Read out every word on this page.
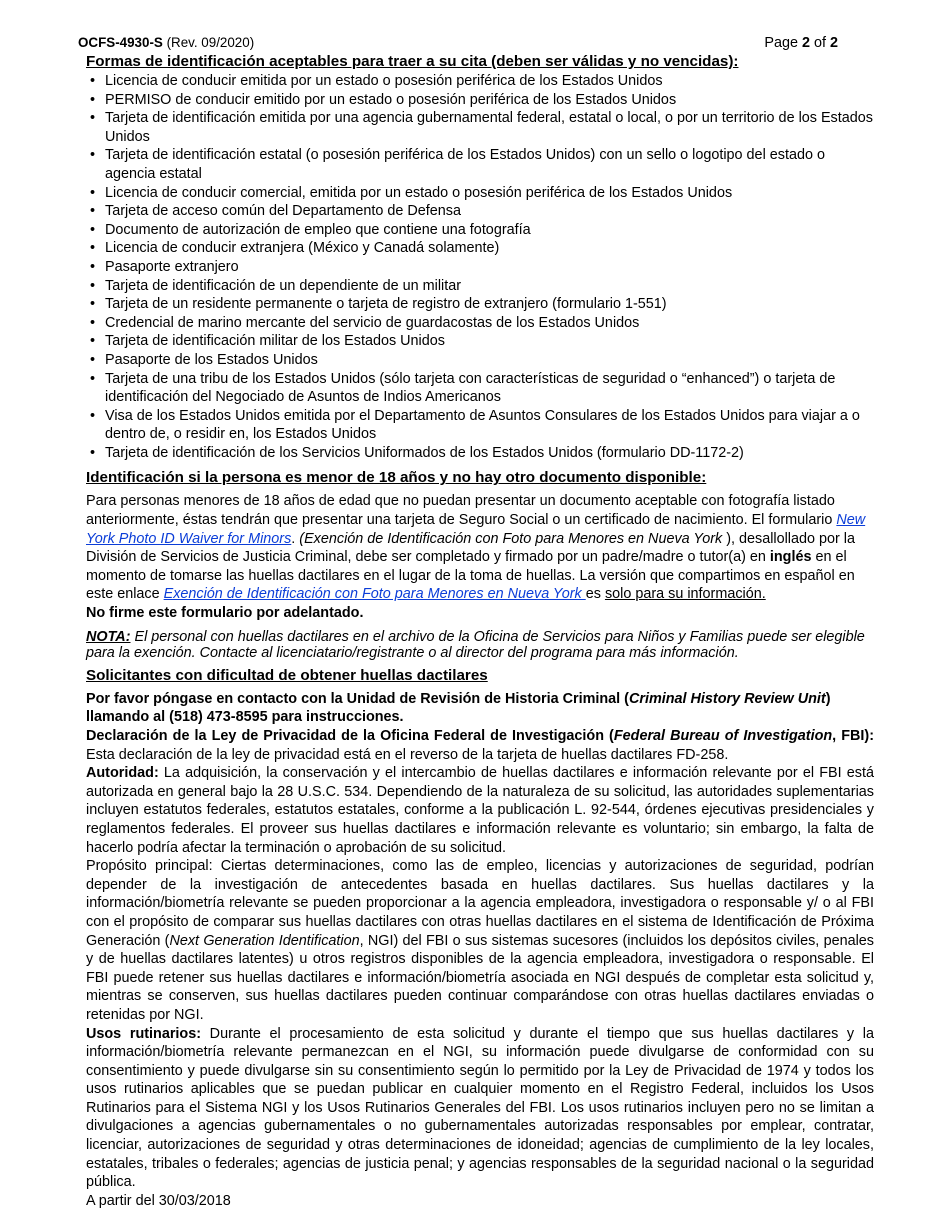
OCFS-4930-S (Rev. 09/2020)	Page 2 of 2
Formas de identificación aceptables para traer a su cita (deben ser válidas y no vencidas):
• Licencia de conducir emitida por un estado o posesión periférica de los Estados Unidos
• PERMISO de conducir emitido por un estado o posesión periférica de los Estados Unidos
• Tarjeta de identificación emitida por una agencia gubernamental federal, estatal o local, o por un territorio de los Estados Unidos
• Tarjeta de identificación estatal (o posesión periférica de los Estados Unidos) con un sello o logotipo del estado o agencia estatal
• Licencia de conducir comercial, emitida por un estado o posesión periférica de los Estados Unidos
• Tarjeta de acceso común del Departamento de Defensa
• Documento de autorización de empleo que contiene una fotografía
• Licencia de conducir extranjera (México y Canadá solamente)
• Pasaporte extranjero
• Tarjeta de identificación de un dependiente de un militar
• Tarjeta de un residente permanente o tarjeta de registro de extranjero (formulario 1-551)
• Credencial de marino mercante del servicio de guardacostas de los Estados Unidos
• Tarjeta de identificación militar de los Estados Unidos
• Pasaporte de los Estados Unidos
• Tarjeta de una tribu de los Estados Unidos (sólo tarjeta con características de seguridad o “enhanced”) o tarjeta de identificación del Negociado de Asuntos de Indios Americanos
• Visa de los Estados Unidos emitida por el Departamento de Asuntos Consulares de los Estados Unidos para viajar a o dentro de, o residir en, los Estados Unidos
• Tarjeta de identificación de los Servicios Uniformados de los Estados Unidos (formulario DD-1172-2)
Identificación si la persona es menor de 18 años y no hay otro documento disponible:

Para personas menores de 18 años de edad que no puedan presentar un documento aceptable con fotografía listado anteriormente, éstas tendrán que presentar una tarjeta de Seguro Social o un certificado de nacimiento. El formulario New York Photo ID Waiver for Minors. (Exención de Identificación con Foto para Menores en Nueva York ), desallollado por la División de Servicios de Justicia Criminal, debe ser completado y firmado por un padre/madre o tutor(a) en inglés en el momento de tomarse las huellas dactilares en el lugar de la toma de huellas. La versión que compartimos en español en este enlace Exención de Identificación con Foto para Menores en Nueva York es solo para su información.

No firme este formulario por adelantado.

NOTA: El personal con huellas dactilares en el archivo de la Oficina de Servicios para Niños y Familias puede ser elegible para la exención. Contacte al licenciatario/registrante o al director del programa para más información.

Solicitantes con dificultad de obtener huellas dactilares

Por favor póngase en contacto con la Unidad de Revisión de Historia Criminal (Criminal History Review Unit) llamando al (518) 473-8595 para instrucciones.

Declaración de la Ley de Privacidad de la Oficina Federal de Investigación (Federal Bureau of Investigation, FBI): Esta declaración de la ley de privacidad está en el reverso de la tarjeta de huellas dactilares FD-258.

Autoridad: La adquisición, la conservación y el intercambio de huellas dactilares e información relevante por el FBI está autorizada en general bajo la 28 U.S.C. 534. Dependiendo de la naturaleza de su solicitud, las autoridades suplementarias incluyen estatutos federales, estatutos estatales, conforme a la publicación L. 92-544, órdenes ejecutivas presidenciales y reglamentos federales. El proveer sus huellas dactilares e información relevante es voluntario; sin embargo, la falta de hacerlo podría afectar la terminación o aprobación de su solicitud.

Propósito principal: Ciertas determinaciones, como las de empleo, licencias y autorizaciones de seguridad, podrían depender de la investigación de antecedentes basada en huellas dactilares. Sus huellas dactilares y la información/biometría relevante se pueden proporcionar a la agencia empleadora, investigadora o responsable y/ o al FBI con el propósito de comparar sus huellas dactilares con otras huellas dactilares en el sistema de Identificación de Próxima Generación (Next Generation Identification, NGI) del FBI o sus sistemas sucesores (incluidos los depósitos civiles, penales y de huellas dactilares latentes) u otros registros disponibles de la agencia empleadora, investigadora o responsable. El FBI puede retener sus huellas dactilares e información/biometría asociada en NGI después de completar esta solicitud y, mientras se conserven, sus huellas dactilares pueden continuar comparándose con otras huellas dactilares enviadas o retenidas por NGI.

Usos rutinarios: Durante el procesamiento de esta solicitud y durante el tiempo que sus huellas dactilares y la información/biometría relevante permanezcan en el NGI, su información puede divulgarse de conformidad con su consentimiento y puede divulgarse sin su consentimiento según lo permitido por la Ley de Privacidad de 1974 y todos los usos rutinarios aplicables que se puedan publicar en cualquier momento en el Registro Federal, incluidos los Usos Rutinarios para el Sistema NGI y los Usos Rutinarios Generales del FBI. Los usos rutinarios incluyen pero no se limitan a divulgaciones a agencias gubernamentales o no gubernamentales autorizadas responsables por emplear, contratar, licenciar, autorizaciones de seguridad y otras determinaciones de idoneidad; agencias de cumplimiento de la ley locales, estatales, tribales o federales; agencias de justicia penal; y agencias responsables de la seguridad nacional o la seguridad pública.

A partir del 30/03/2018
